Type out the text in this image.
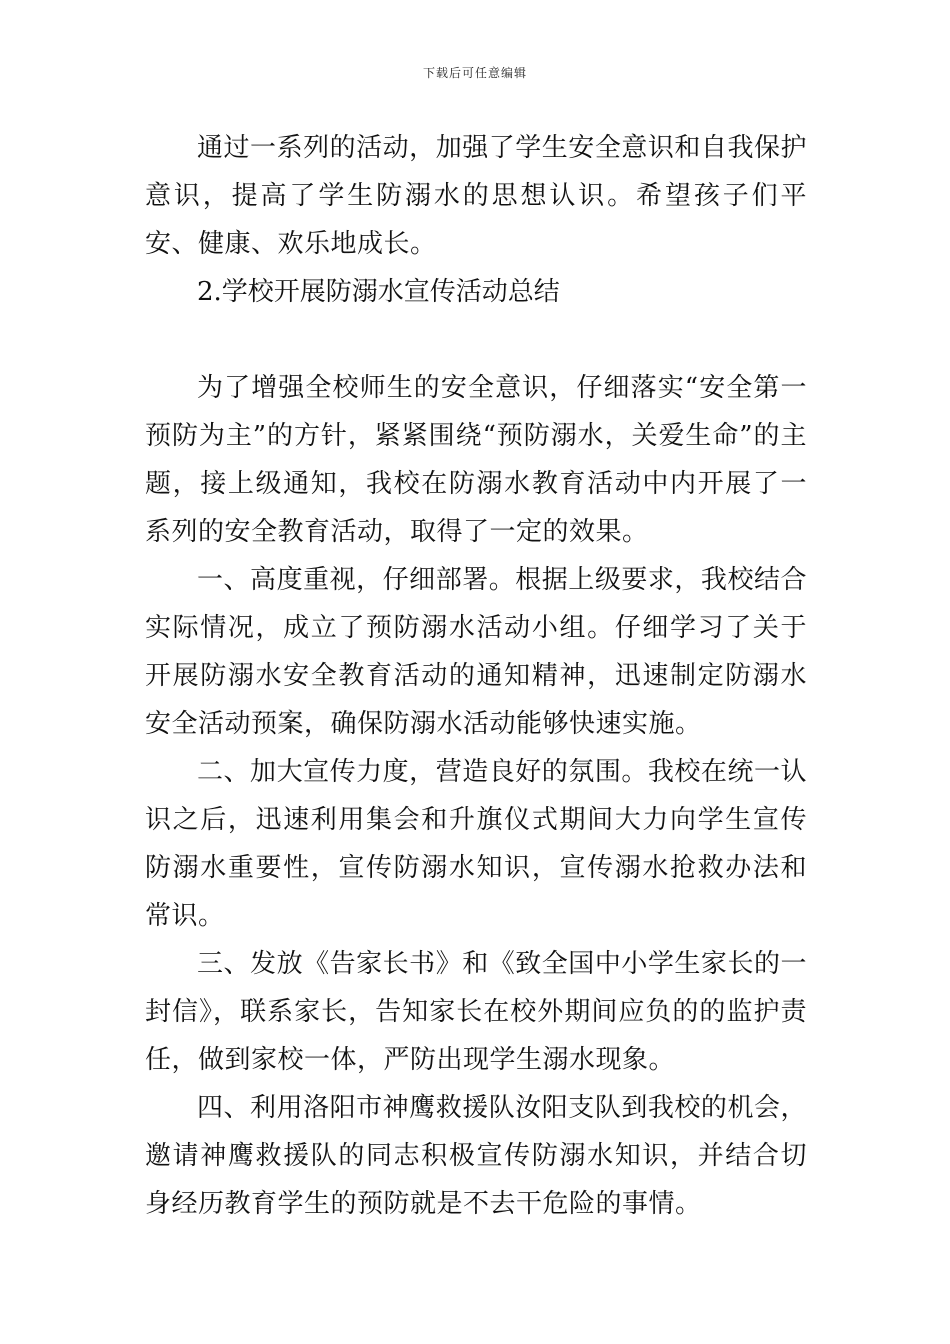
下载后可任意编辑

通过一系列的活动，加强了学生安全意识和自我保护意识，提高了学生防溺水的思想认识。希望孩子们平安、健康、欢乐地成长。

2.学校开展防溺水宣传活动总结

为了增强全校师生的安全意识，仔细落实“安全第一预防为主”的方针，紧紧围绕“预防溺水，关爱生命”的主题，接上级通知，我校在防溺水教育活动中内开展了一系列的安全教育活动，取得了一定的效果。

一、高度重视，仔细部署。根据上级要求，我校结合实际情况，成立了预防溺水活动小组。仔细学习了关于开展防溺水安全教育活动的通知精神，迅速制定防溺水安全活动预案，确保防溺水活动能够快速实施。

二、加大宣传力度，营造良好的氛围。我校在统一认识之后，迅速利用集会和升旗仪式期间大力向学生宣传防溺水重要性，宣传防溺水知识，宣传溺水抢救办法和常识。

三、发放《告家长书》和《致全国中小学生家长的一封信》，联系家长，告知家长在校外期间应负的的监护责任，做到家校一体，严防出现学生溺水现象。

四、利用洛阳市神鹰救援队汝阳支队到我校的机会，邀请神鹰救援队的同志积极宣传防溺水知识，并结合切身经历教育学生的预防就是不去干危险的事情。
